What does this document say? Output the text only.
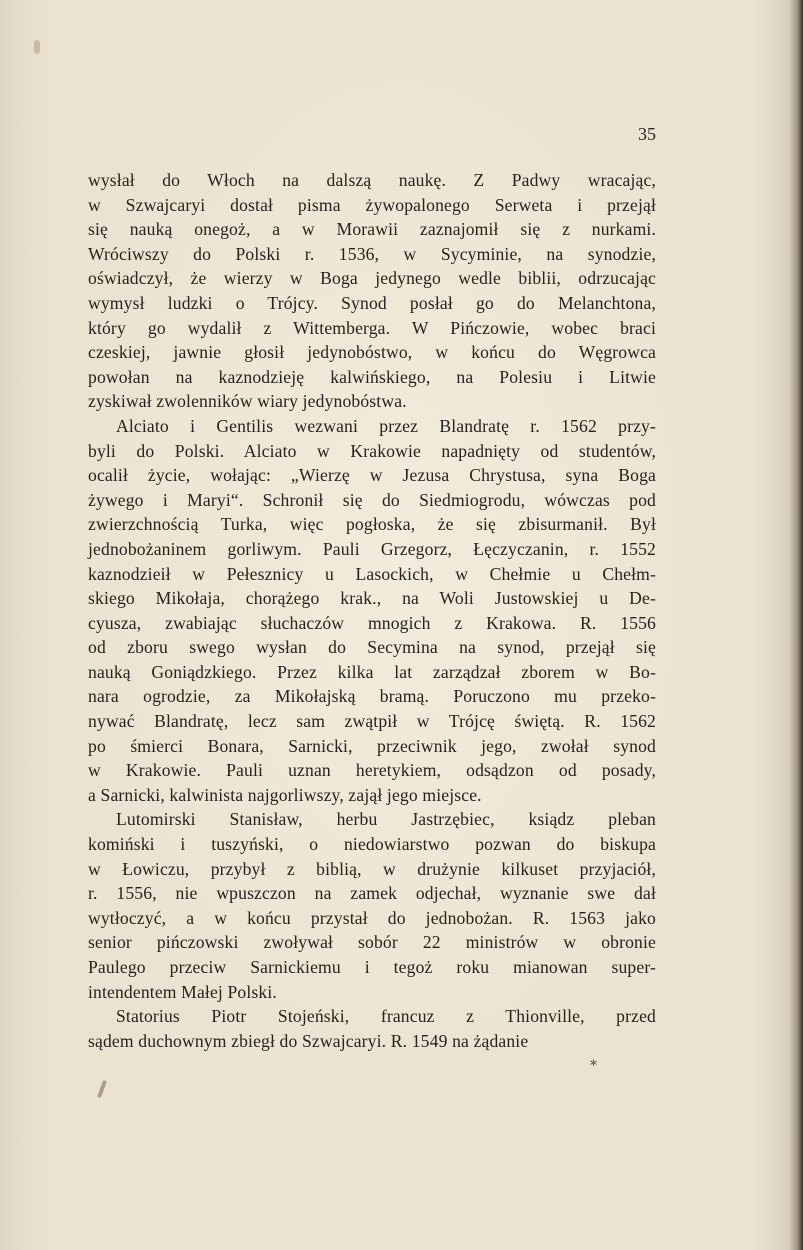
35
wysłał do Włoch na dalszą naukę. Z Padwy wracając,
w Szwajcaryi dostał pisma żywopalonego Serweta i przejął
się nauką onegoż, a w Morawii zaznajomił się z nurkami.
Wróciwszy do Polski r. 1536, w Sycyminie, na synodzie,
oświadczył, że wierzy w Boga jedynego wedle biblii, odrzucając
wymysł ludzki o Trójcy. Synod posłał go do Melanchtona,
który go wydalił z Wittemberga. W Pińczowie, wobec braci
czeskiej, jawnie głosił jedynobóstwo, w końcu do Węgrowca
powołan na kaznodzieję kalwińskiego, na Polesiu i Litwie
zyskiwał zwolenników wiary jedynobóstwa.
Alciato i Gentilis wezwani przez Blandratę r. 1562 przy-
byli do Polski. Alciato w Krakowie napadnięty od studentów,
ocalił życie, wołając: „Wierzę w Jezusa Chrystusa, syna Boga
żywego i Maryi“. Schronił się do Siedmiogrodu, wówczas pod
zwierzchnością Turka, więc pogłoska, że się zbisurmanił. Był
jednobożaninem gorliwym. Pauli Grzegorz, Łęczyczanin, r. 1552
kaznodzieił w Pełesznicy u Lasockich, w Chełmie u Chełm-
skiego Mikołaja, chorążego krak., na Woli Justowskiej u De-
cyusza, zwabiając słuchaczów mnogich z Krakowa. R. 1556
od zboru swego wysłan do Secymina na synod, przejął się
nauką Goniądzkiego. Przez kilka lat zarządzał zborem w Bo-
nara ogrodzie, za Mikołajską bramą. Poruczono mu przeko-
nywać Blandratę, lecz sam zwątpił w Trójcę świętą. R. 1562
po śmierci Bonara, Sarnicki, przeciwnik jego, zwołał synod
w Krakowie. Pauli uznan heretykiem, odsądzon od posady,
a Sarnicki, kalwinista najgorliwszy, zajął jego miejsce.
Lutomirski Stanisław, herbu Jastrzębiec, ksiądz pleban
komiński i tuszyński, o niedowiarstwo pozwan do biskupa
w Łowiczu, przybył z biblią, w drużynie kilkuset przyjaciół,
r. 1556, nie wpuszczon na zamek odjechał, wyznanie swe dał
wytłoczyć, a w końcu przystał do jednobożan. R. 1563 jako
senior pińczowski zwoływał sobór 22 ministrów w obronie
Paulego przeciw Sarnickiemu i tegoż roku mianowan super-
intendentem Małej Polski.
Statorius Piotr Stojeński, francuz z Thionville, przed
sądem duchownym zbiegł do Szwajcaryi. R. 1549 na żądanie
*
